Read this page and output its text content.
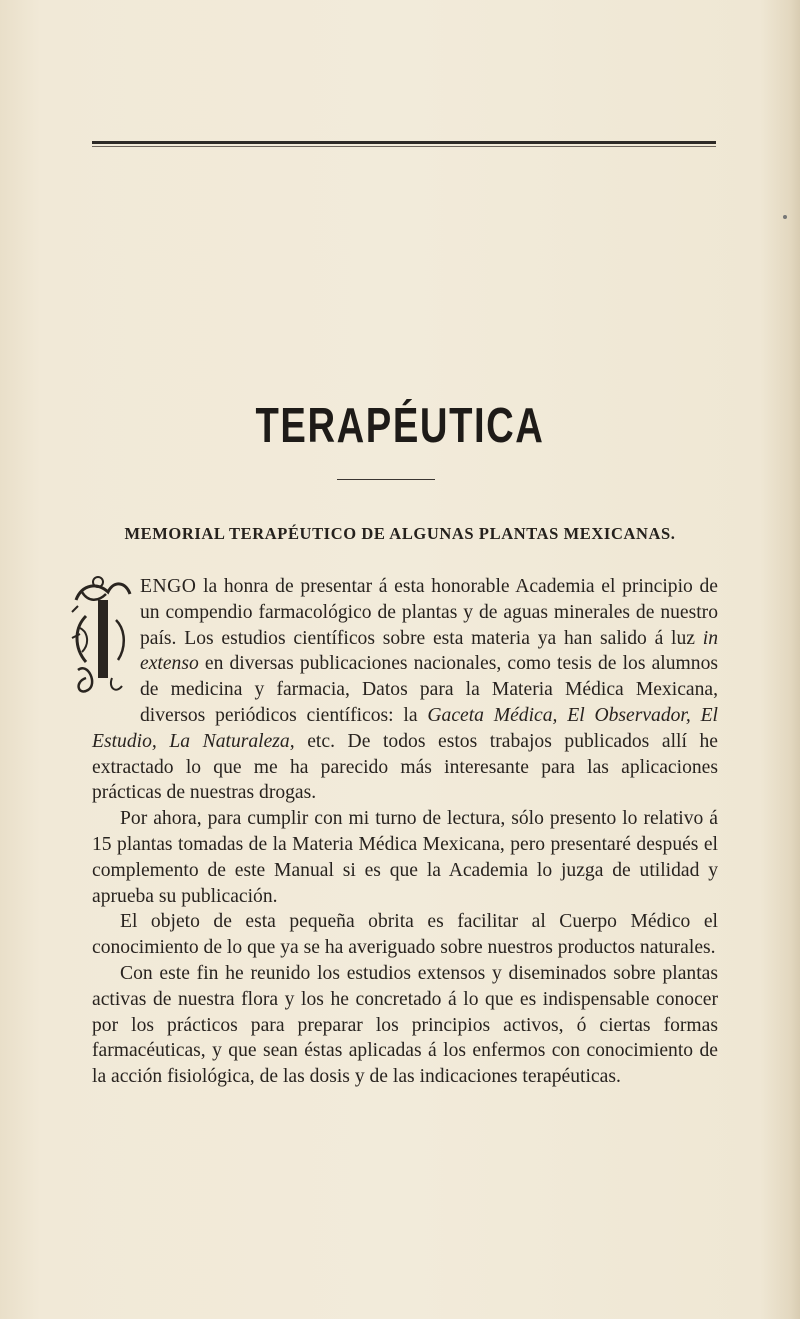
TERAPÉUTICA
MEMORIAL TERAPÉUTICO DE ALGUNAS PLANTAS MEXICANAS.

ENGO la honra de presentar á esta honorable Academia el principio de un compendio farmacológico de plantas y de aguas minerales de nuestro país. Los estudios científicos sobre esta materia ya han salido á luz in extenso en diversas publicaciones nacionales, como tesis de los alumnos de medicina y farmacia, Datos para la Materia Médica Mexicana, diversos periódicos científicos: la Gaceta Médica, El Observador, El Estudio, La Naturaleza, etc. De todos estos trabajos publicados allí he extractado lo que me ha parecido más interesante para las aplicaciones prácticas de nuestras drogas.

Por ahora, para cumplir con mi turno de lectura, sólo presento lo relativo á 15 plantas tomadas de la Materia Médica Mexicana, pero presentaré después el complemento de este Manual si es que la Academia lo juzga de utilidad y aprueba su publicación.

El objeto de esta pequeña obrita es facilitar al Cuerpo Médico el conocimiento de lo que ya se ha averiguado sobre nuestros productos naturales.

Con este fin he reunido los estudios extensos y diseminados sobre plantas activas de nuestra flora y los he concretado á lo que es indispensable conocer por los prácticos para preparar los principios activos, ó ciertas formas farmacéuticas, y que sean éstas aplicadas á los enfermos con conocimiento de la acción fisiológica, de las dosis y de las indicaciones terapéuticas.
